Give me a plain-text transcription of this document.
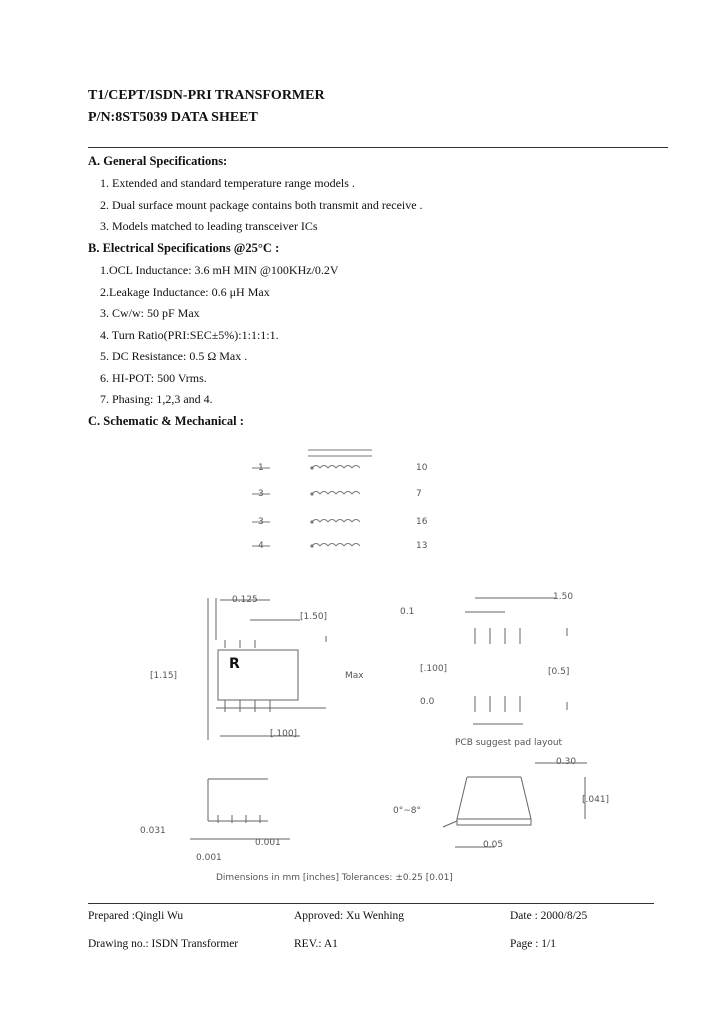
T1/CEPT/ISDN-PRI TRANSFORMER
P/N:8ST5039 DATA SHEET
A. General Specifications:
1. Extended and standard temperature range models .
2. Dual surface mount package contains both transmit and receive .
3. Models matched to leading transceiver ICs
B. Electrical Specifications @25°C :
1.OCL Inductance: 3.6 mH MIN @100KHz/0.2V
2.Leakage Inductance: 0.6 μH Max
3. Cw/w: 50 pF Max
4. Turn Ratio(PRI:SEC±5%):1:1:1:1.
5. DC Resistance: 0.5 Ω Max .
6. HI-POT: 500 Vrms.
7. Phasing: 1,2,3 and 4.
C. Schematic & Mechanical :
1
3
3
4
10
7
16
13
R
0.125
[1.50]
[1.15]	Max
[.100]
0.1
1.50
[.100]	[0.5]
0.0
PCB suggest pad layout
0.031
0.001
0.001
0.30
[.041]
0°~8°
0.05
Dimensions in mm [inches] Tolerances: ±0.25 [0.01]
Prepared :Qingli Wu	Approved: Xu Wenhing	Date : 2000/8/25
Drawing no.: ISDN Transformer	REV.: A1	Page : 1/1
